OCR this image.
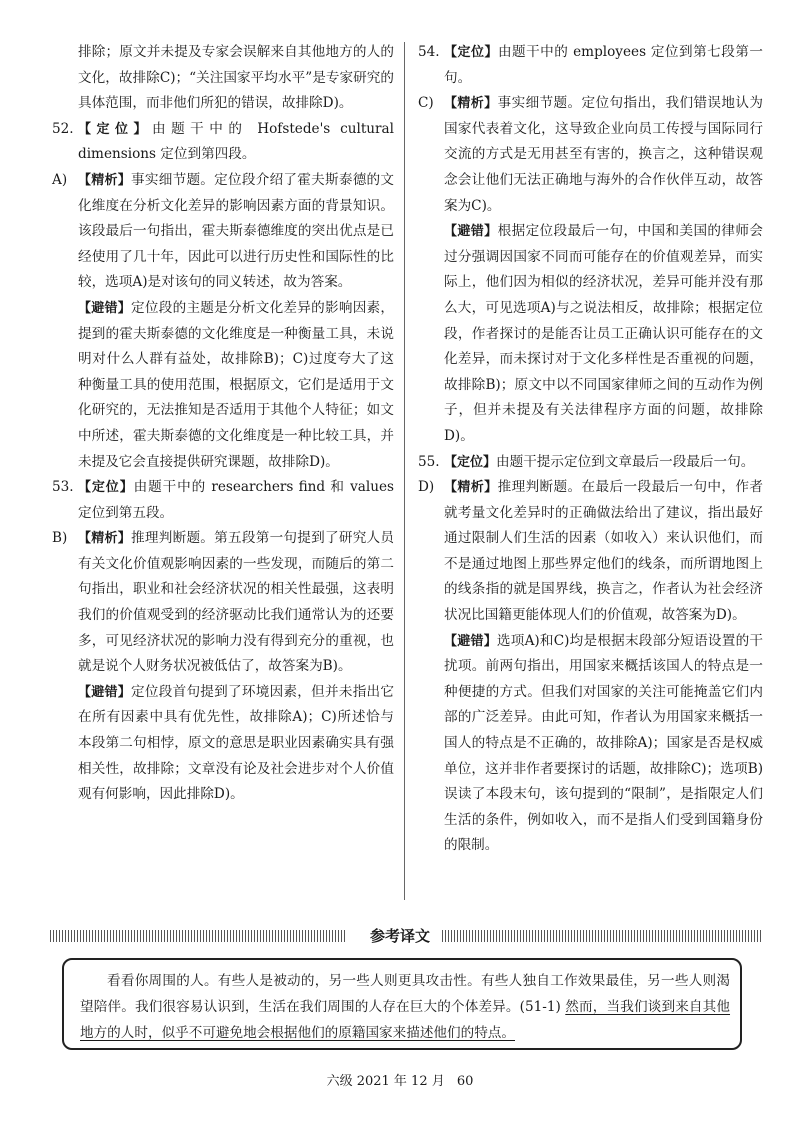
排除；原文并未提及专家会误解来自其他地方的人的文化，故排除C)；“关注国家平均水平”是专家研究的具体范围，而非他们所犯的错误，故排除D)。
52. 【定位】由题干中的 Hofstede's cultural dimensions 定位到第四段。
A) 【精析】事实细节题。定位段介绍了霍夫斯泰德的文化维度在分析文化差异的影响因素方面的背景知识。该段最后一句指出，霍夫斯泰德维度的突出优点是已经使用了几十年，因此可以进行历史性和国际性的比较，选项A)是对该句的同义转述，故为答案。
【避错】定位段的主题是分析文化差异的影响因素，提到的霍夫斯泰德的文化维度是一种衡量工具，未说明对什么人群有益处，故排除B)；C)过度夸大了这种衡量工具的使用范围，根据原文，它们是适用于文化研究的，无法推知是否适用于其他个人特征；如文中所述，霍夫斯泰德的文化维度是一种比较工具，并未提及它会直接提供研究课题，故排除D)。
53. 【定位】由题干中的 researchers find 和 values 定位到第五段。
B) 【精析】推理判断题。第五段第一句提到了研究人员有关文化价值观影响因素的一些发现，而随后的第二句指出，职业和社会经济状况的相关性最强，这表明我们的价值观受到的经济驱动比我们通常认为的还要多，可见经济状况的影响力没有得到充分的重视，也就是说个人财务状况被低估了，故答案为B)。
【避错】定位段首句提到了环境因素，但并未指出它在所有因素中具有优先性，故排除A)；C)所述恰与本段第二句相悖，原文的意思是职业因素确实具有强相关性，故排除；文章没有论及社会进步对个人价值观有何影响，因此排除D)。
54. 【定位】由题干中的 employees 定位到第七段第一句。
C) 【精析】事实细节题。定位句指出，我们错误地认为国家代表着文化，这导致企业向员工传授与国际同行交流的方式是无用甚至有害的，换言之，这种错误观念会让他们无法正确地与海外的合作伙伴互动，故答案为C)。
【避错】根据定位段最后一句，中国和美国的律师会过分强调因国家不同而可能存在的价值观差异，而实际上，他们因为相似的经济状况，差异可能并没有那么大，可见选项A)与之说法相反，故排除；根据定位段，作者探讨的是能否让员工正确认识可能存在的文化差异，而未探讨对于文化多样性是否重视的问题，故排除B)；原文中以不同国家律师之间的互动作为例子，但并未提及有关法律程序方面的问题，故排除D)。
55. 【定位】由题干提示定位到文章最后一段最后一句。
D) 【精析】推理判断题。在最后一段最后一句中，作者就考量文化差异时的正确做法给出了建议，指出最好通过限制人们生活的因素（如收入）来认识他们，而不是通过地图上那些界定他们的线条，而所谓地图上的线条指的就是国界线，换言之，作者认为社会经济状况比国籍更能体现人们的价值观，故答案为D)。
【避错】选项A)和C)均是根据末段部分短语设置的干扰项。前两句指出，用国家来概括该国人的特点是一种便捷的方式。但我们对国家的关注可能掩盖它们内部的广泛差异。由此可知，作者认为用国家来概括一国人的特点是不正确的，故排除A)；国家是否是权威单位，这并非作者要探讨的话题，故排除C)；选项B)误读了本段末句，该句提到的“限制”，是指限定人们生活的条件，例如收入，而不是指人们受到国籍身份的限制。
参考译文
看看你周围的人。有些人是被动的，另一些人则更具攻击性。有些人独自工作效果最佳，另一些人则渴望陪伴。我们很容易认识到，生活在我们周围的人存在巨大的个体差异。(51-1) 然而，当我们谈到来自其他地方的人时，似乎不可避免地会根据他们的原籍国家来描述他们的特点。
六级 2021 年 12 月 60
